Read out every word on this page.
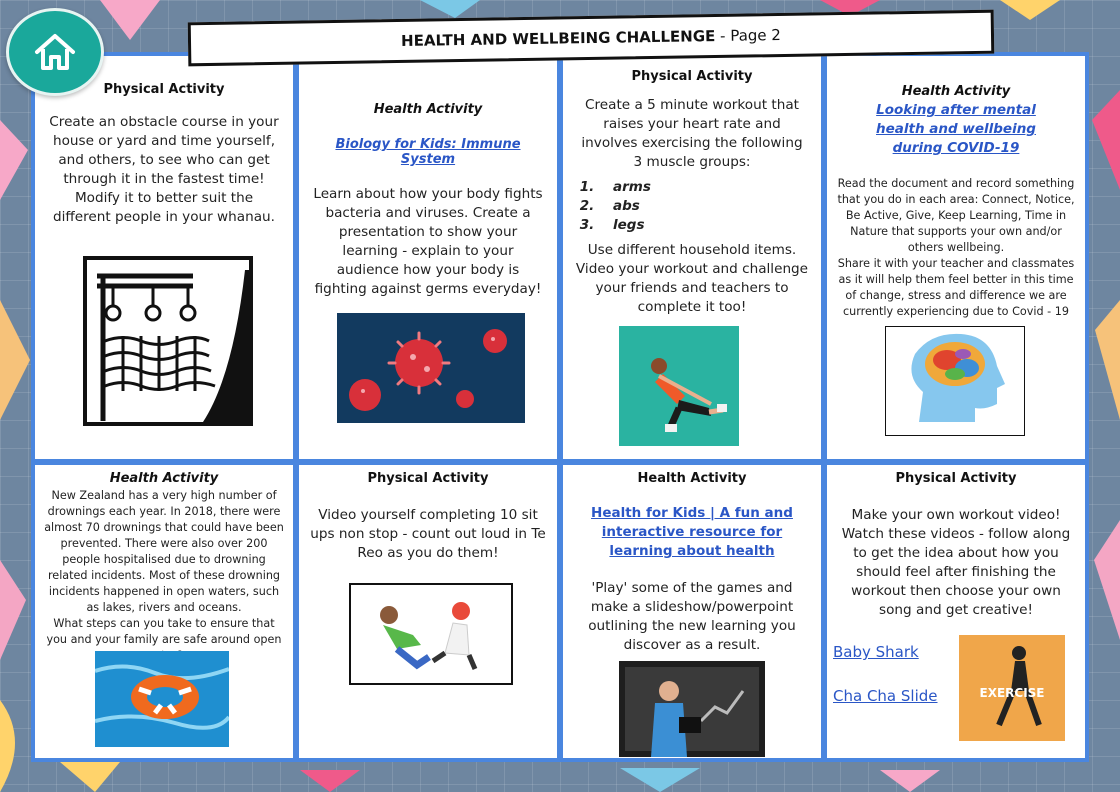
HEALTH AND WELLBEING CHALLENGE
- Page 2
Physical Activity

Create an obstacle course in your house or yard and time yourself, and others, to see who can get through it in the fastest time! Modify it to better suit the different people in your whanau.

Health Activity

Biology for Kids: Immune System

Learn about how your body fights bacteria and viruses. Create a presentation to show your learning - explain to your audience how your body is fighting against germs everyday!

Physical Activity

Create a 5 minute workout that raises your heart rate and involves exercising the following 3 muscle groups:

1. arms
2. abs
3. legs

Use different household items. Video your workout and challenge your friends and teachers to complete it too!

Health Activity

Looking after mental health and wellbeing during COVID-19

Read the document and record something that you do in each area: Connect, Notice, Be Active, Give, Keep Learning, Time in Nature that supports your own and/or others wellbeing.

Share it with your teacher and classmates as it will help them feel better in this time of change, stress and difference we are currently experiencing due to Covid - 19

Health Activity

New Zealand has a very high number of drownings each year. In 2018, there were almost 70 drownings that could have been prevented. There were also over 200 people hospitalised due to drowning related incidents. Most of these drowning incidents happened in open waters, such as lakes, rivers and oceans.

What steps can you take to ensure that you and your family are safe around open

Physical Activity

Video yourself completing 10 sit ups non stop - count out loud in Te Reo as you do them!

Health Activity

Health for Kids | A fun and interactive resource for learning about health

'Play' some of the games and make a slideshow/powerpoint outlining the new learning you discover as a result.

Physical Activity

Make your own workout video! Watch these videos - follow along to get the idea about how you should feel after finishing the workout then choose your own song and get creative!

Baby Shark
Cha Cha Slide	EXERCISE
